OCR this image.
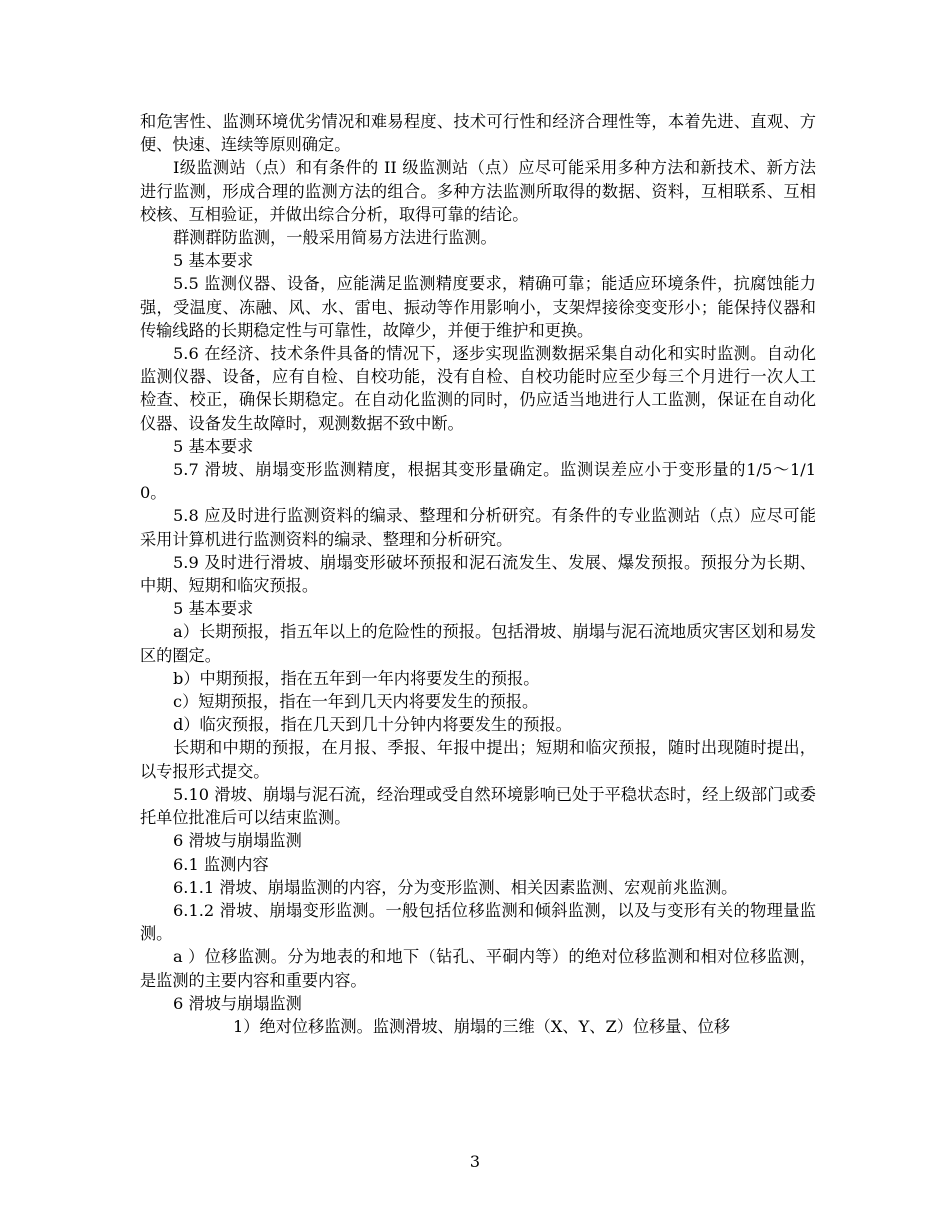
和危害性、监测环境优劣情况和难易程度、技术可行性和经济合理性等，本着先进、直观、方便、快速、连续等原则确定。

I级监测站（点）和有条件的 II 级监测站（点）应尽可能采用多种方法和新技术、新方法进行监测，形成合理的监测方法的组合。多种方法监测所取得的数据、资料，互相联系、互相校核、互相验证，并做出综合分析，取得可靠的结论。

群测群防监测，一般采用简易方法进行监测。

5 基本要求

5.5 监测仪器、设备，应能满足监测精度要求，精确可靠；能适应环境条件，抗腐蚀能力强，受温度、冻融、风、水、雷电、振动等作用影响小，支架焊接徐变变形小；能保持仪器和传输线路的长期稳定性与可靠性，故障少，并便于维护和更换。

5.6 在经济、技术条件具备的情况下，逐步实现监测数据采集自动化和实时监测。自动化监测仪器、设备，应有自检、自校功能，没有自检、自校功能时应至少每三个月进行一次人工检查、校正，确保长期稳定。在自动化监测的同时，仍应适当地进行人工监测，保证在自动化仪器、设备发生故障时，观测数据不致中断。

5 基本要求

5.7 滑坡、崩塌变形监测精度，根据其变形量确定。监测误差应小于变形量的1/5～1/10。

5.8 应及时进行监测资料的编录、整理和分析研究。有条件的专业监测站（点）应尽可能采用计算机进行监测资料的编录、整理和分析研究。

5.9 及时进行滑坡、崩塌变形破坏预报和泥石流发生、发展、爆发预报。预报分为长期、中期、短期和临灾预报。

5 基本要求

a）长期预报，指五年以上的危险性的预报。包括滑坡、崩塌与泥石流地质灾害区划和易发区的圈定。

b）中期预报，指在五年到一年内将要发生的预报。

c）短期预报，指在一年到几天内将要发生的预报。

d）临灾预报，指在几天到几十分钟内将要发生的预报。

长期和中期的预报，在月报、季报、年报中提出；短期和临灾预报，随时出现随时提出，以专报形式提交。

5.10 滑坡、崩塌与泥石流，经治理或受自然环境影响已处于平稳状态时，经上级部门或委托单位批准后可以结束监测。

6 滑坡与崩塌监测

6.1 监测内容

6.1.1 滑坡、崩塌监测的内容，分为变形监测、相关因素监测、宏观前兆监测。

6.1.2 滑坡、崩塌变形监测。一般包括位移监测和倾斜监测，以及与变形有关的物理量监测。

a ）位移监测。分为地表的和地下（钻孔、平硐内等）的绝对位移监测和相对位移监测，是监测的主要内容和重要内容。

6 滑坡与崩塌监测

1）绝对位移监测。监测滑坡、崩塌的三维（X、Y、Z）位移量、位移

3
